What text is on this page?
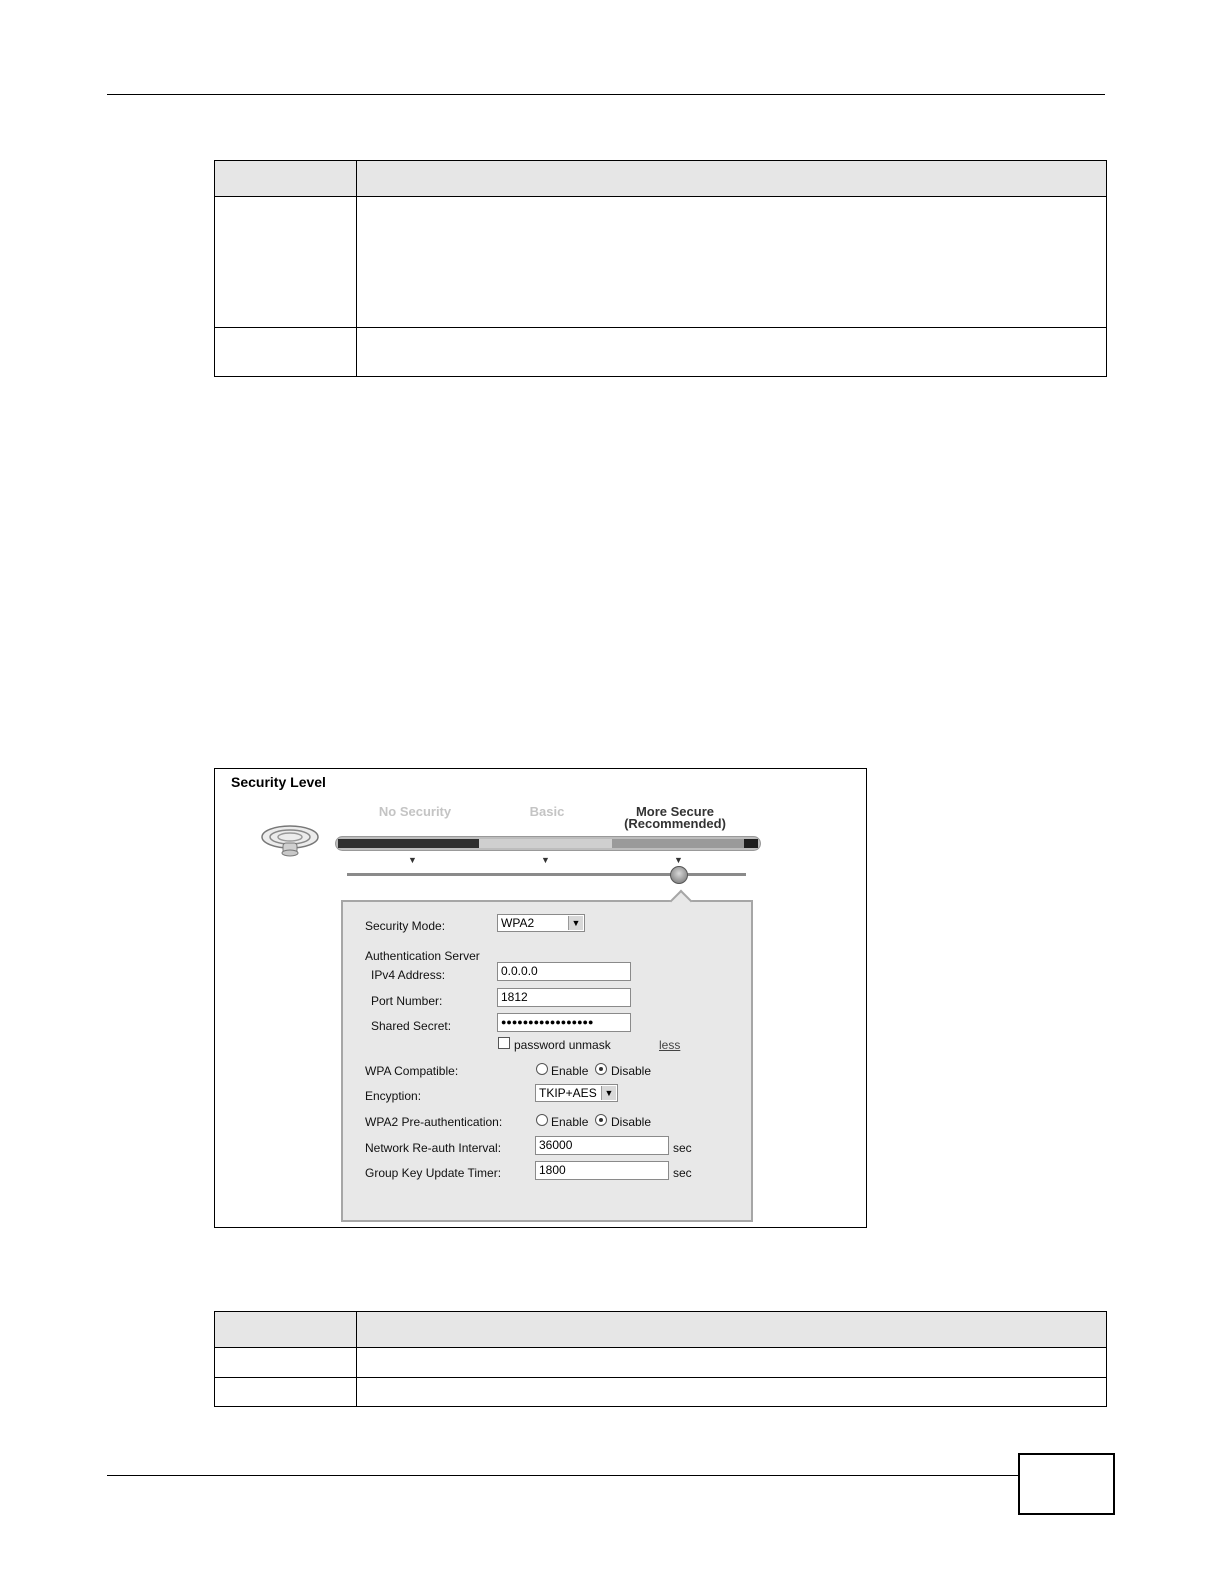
Security Level
No Security	Basic	More Secure
(Recommended)
▼	▼	▼
Security Mode:	WPA2	▼
Authentication Server
IPv4 Address:	0.0.0.0
Port Number:	1812
Shared Secret:	●●●●●●●●●●●●●●●●●
password unmask	less
WPA Compatible:	Enable Disable
Encyption:	TKIP+AES ▼
WPA2 Pre-authentication:	Enable Disable
Network Re-auth Interval:	36000	sec
Group Key Update Timer:	1800	sec
